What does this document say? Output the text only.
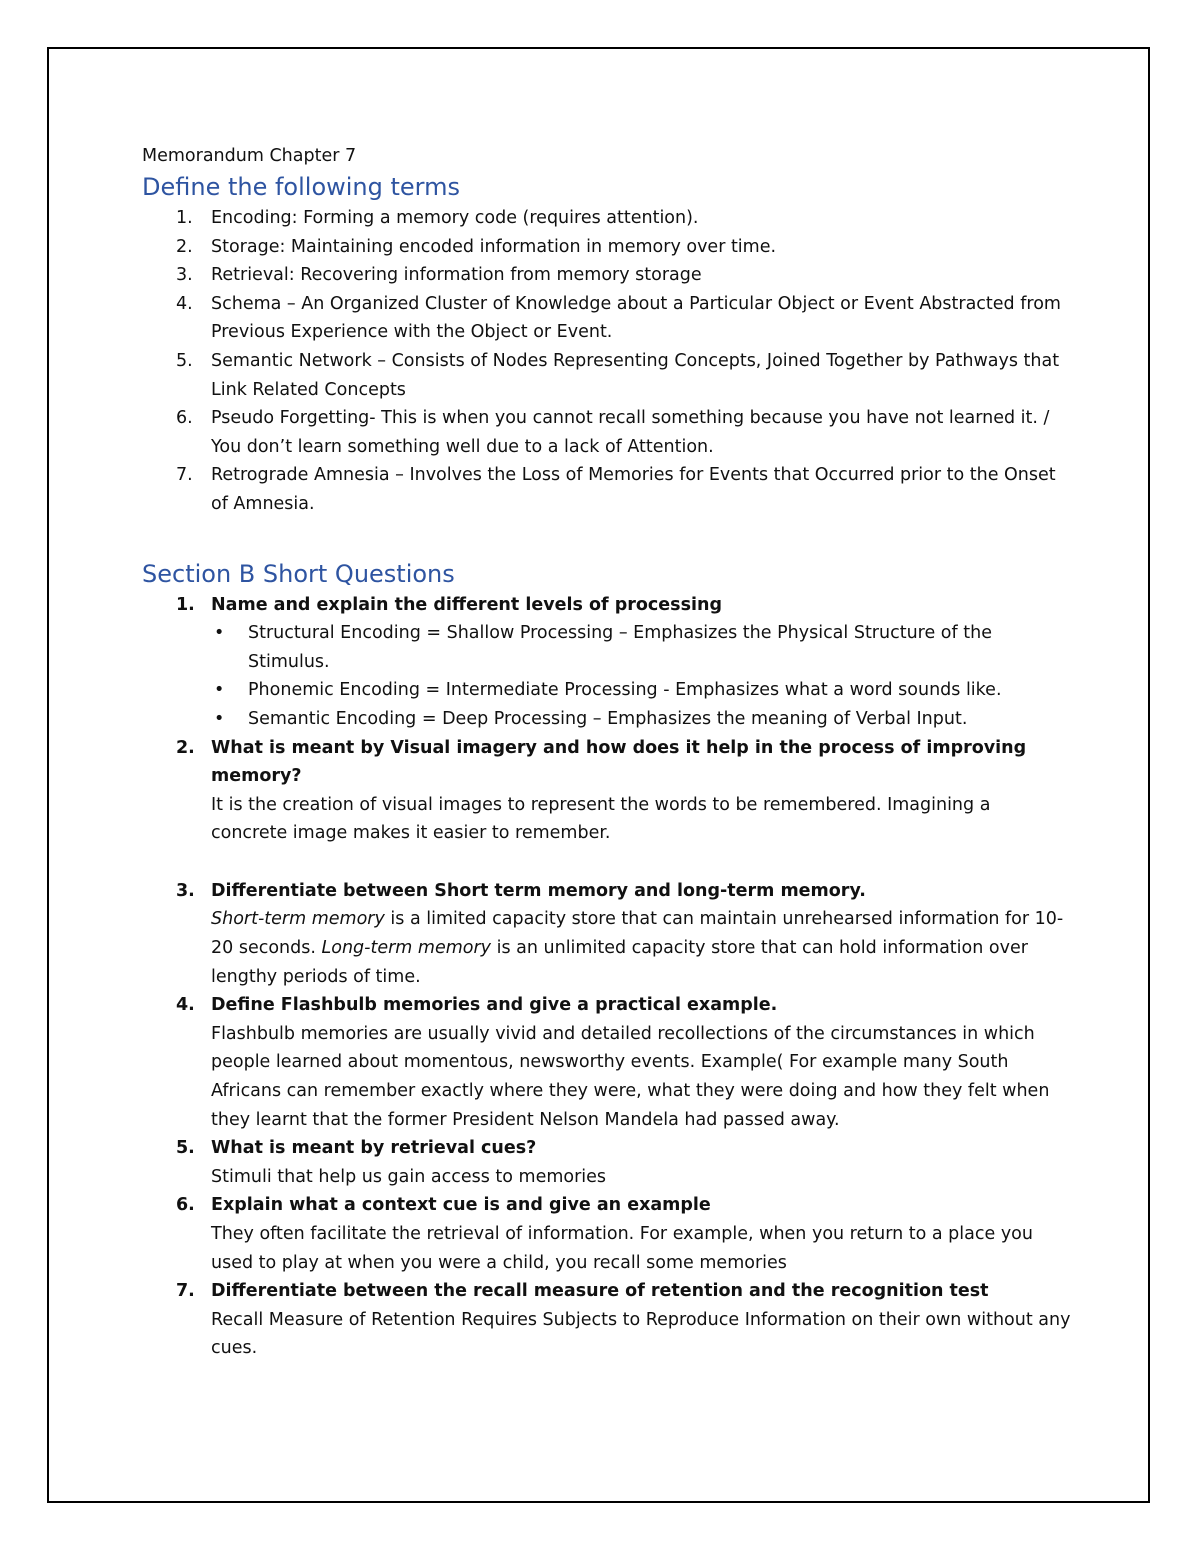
Memorandum Chapter 7
Define the following terms
1. Encoding: Forming a memory code (requires attention).
2. Storage: Maintaining encoded information in memory over time.
3. Retrieval: Recovering information from memory storage
4. Schema – An Organized Cluster of Knowledge about a Particular Object or Event Abstracted from Previous Experience with the Object or Event.
5. Semantic Network – Consists of Nodes Representing Concepts, Joined Together by Pathways that Link Related Concepts
6. Pseudo Forgetting- This is when you cannot recall something because you have not learned it. / You don’t learn something well due to a lack of Attention.
7. Retrograde Amnesia – Involves the Loss of Memories for Events that Occurred prior to the Onset of Amnesia.
Section B Short Questions
1. Name and explain the different levels of processing
• Structural Encoding = Shallow Processing – Emphasizes the Physical Structure of the Stimulus.
• Phonemic Encoding = Intermediate Processing - Emphasizes what a word sounds like.
• Semantic Encoding = Deep Processing – Emphasizes the meaning of Verbal Input.
2. What is meant by Visual imagery and how does it help in the process of improving memory?
It is the creation of visual images to represent the words to be remembered. Imagining a concrete image makes it easier to remember.
3. Differentiate between Short term memory and long-term memory.
Short-term memory is a limited capacity store that can maintain unrehearsed information for 10-20 seconds. Long-term memory is an unlimited capacity store that can hold information over lengthy periods of time.
4. Define Flashbulb memories and give a practical example.
Flashbulb memories are usually vivid and detailed recollections of the circumstances in which people learned about momentous, newsworthy events. Example( For example many South Africans can remember exactly where they were, what they were doing and how they felt when they learnt that the former President Nelson Mandela had passed away.
5. What is meant by retrieval cues?
Stimuli that help us gain access to memories
6. Explain what a context cue is and give an example
They often facilitate the retrieval of information. For example, when you return to a place you used to play at when you were a child, you recall some memories
7. Differentiate between the recall measure of retention and the recognition test
Recall Measure of Retention Requires Subjects to Reproduce Information on their own without any cues.
